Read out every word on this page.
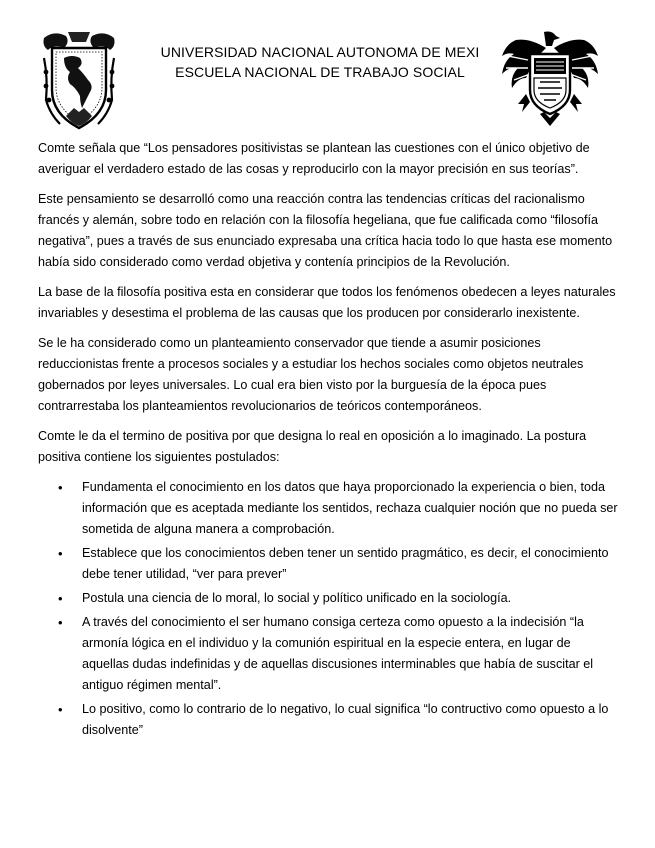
UNIVERSIDAD NACIONAL AUTONOMA DE MEXI
ESCUELA NACIONAL DE TRABAJO SOCIAL

Comte señala que “Los pensadores positivistas se plantean las cuestiones con el único objetivo de averiguar el verdadero estado de las cosas y reproducirlo con la mayor precisión en sus teorías”.

Este pensamiento se desarrolló como una reacción contra las tendencias críticas del racionalismo francés y alemán, sobre todo en relación con la filosofía hegeliana, que fue calificada como “filosofía negativa”, pues a través de sus enunciado expresaba una crítica hacia todo lo que hasta ese momento había sido considerado como verdad objetiva y contenía principios de la Revolución.

La base de la filosofía positiva esta en considerar que todos los fenómenos obedecen a leyes naturales invariables y desestima el problema de las causas que los producen por considerarlo inexistente.

Se le ha considerado como un planteamiento conservador que tiende a asumir posiciones reduccionistas frente a procesos sociales y a estudiar los hechos sociales como objetos neutrales gobernados por leyes universales. Lo cual era bien visto por la burguesía de la época pues contrarrestaba los planteamientos revolucionarios de teóricos contemporáneos.

Comte le da el termino de positiva por que designa lo real en oposición a lo imaginado. La postura positiva contiene los siguientes postulados:

• Fundamenta el conocimiento en los datos que haya proporcionado la experiencia o bien, toda información que es aceptada mediante los sentidos, rechaza cualquier noción que no pueda ser sometida de alguna manera a comprobación.
• Establece que los conocimientos deben tener un sentido pragmático, es decir, el conocimiento debe tener utilidad, “ver para prever”
• Postula una ciencia de lo moral, lo social y político unificado en la sociología.
• A través del conocimiento el ser humano consiga certeza como opuesto a la indecisión “la armonía lógica en el individuo y la comunión espiritual en la especie entera, en lugar de aquellas dudas indefinidas y de aquellas discusiones interminables que había de suscitar el antiguo régimen mental”.
• Lo positivo, como lo contrario de lo negativo, lo cual significa “lo contructivo como opuesto a lo disolvente”
